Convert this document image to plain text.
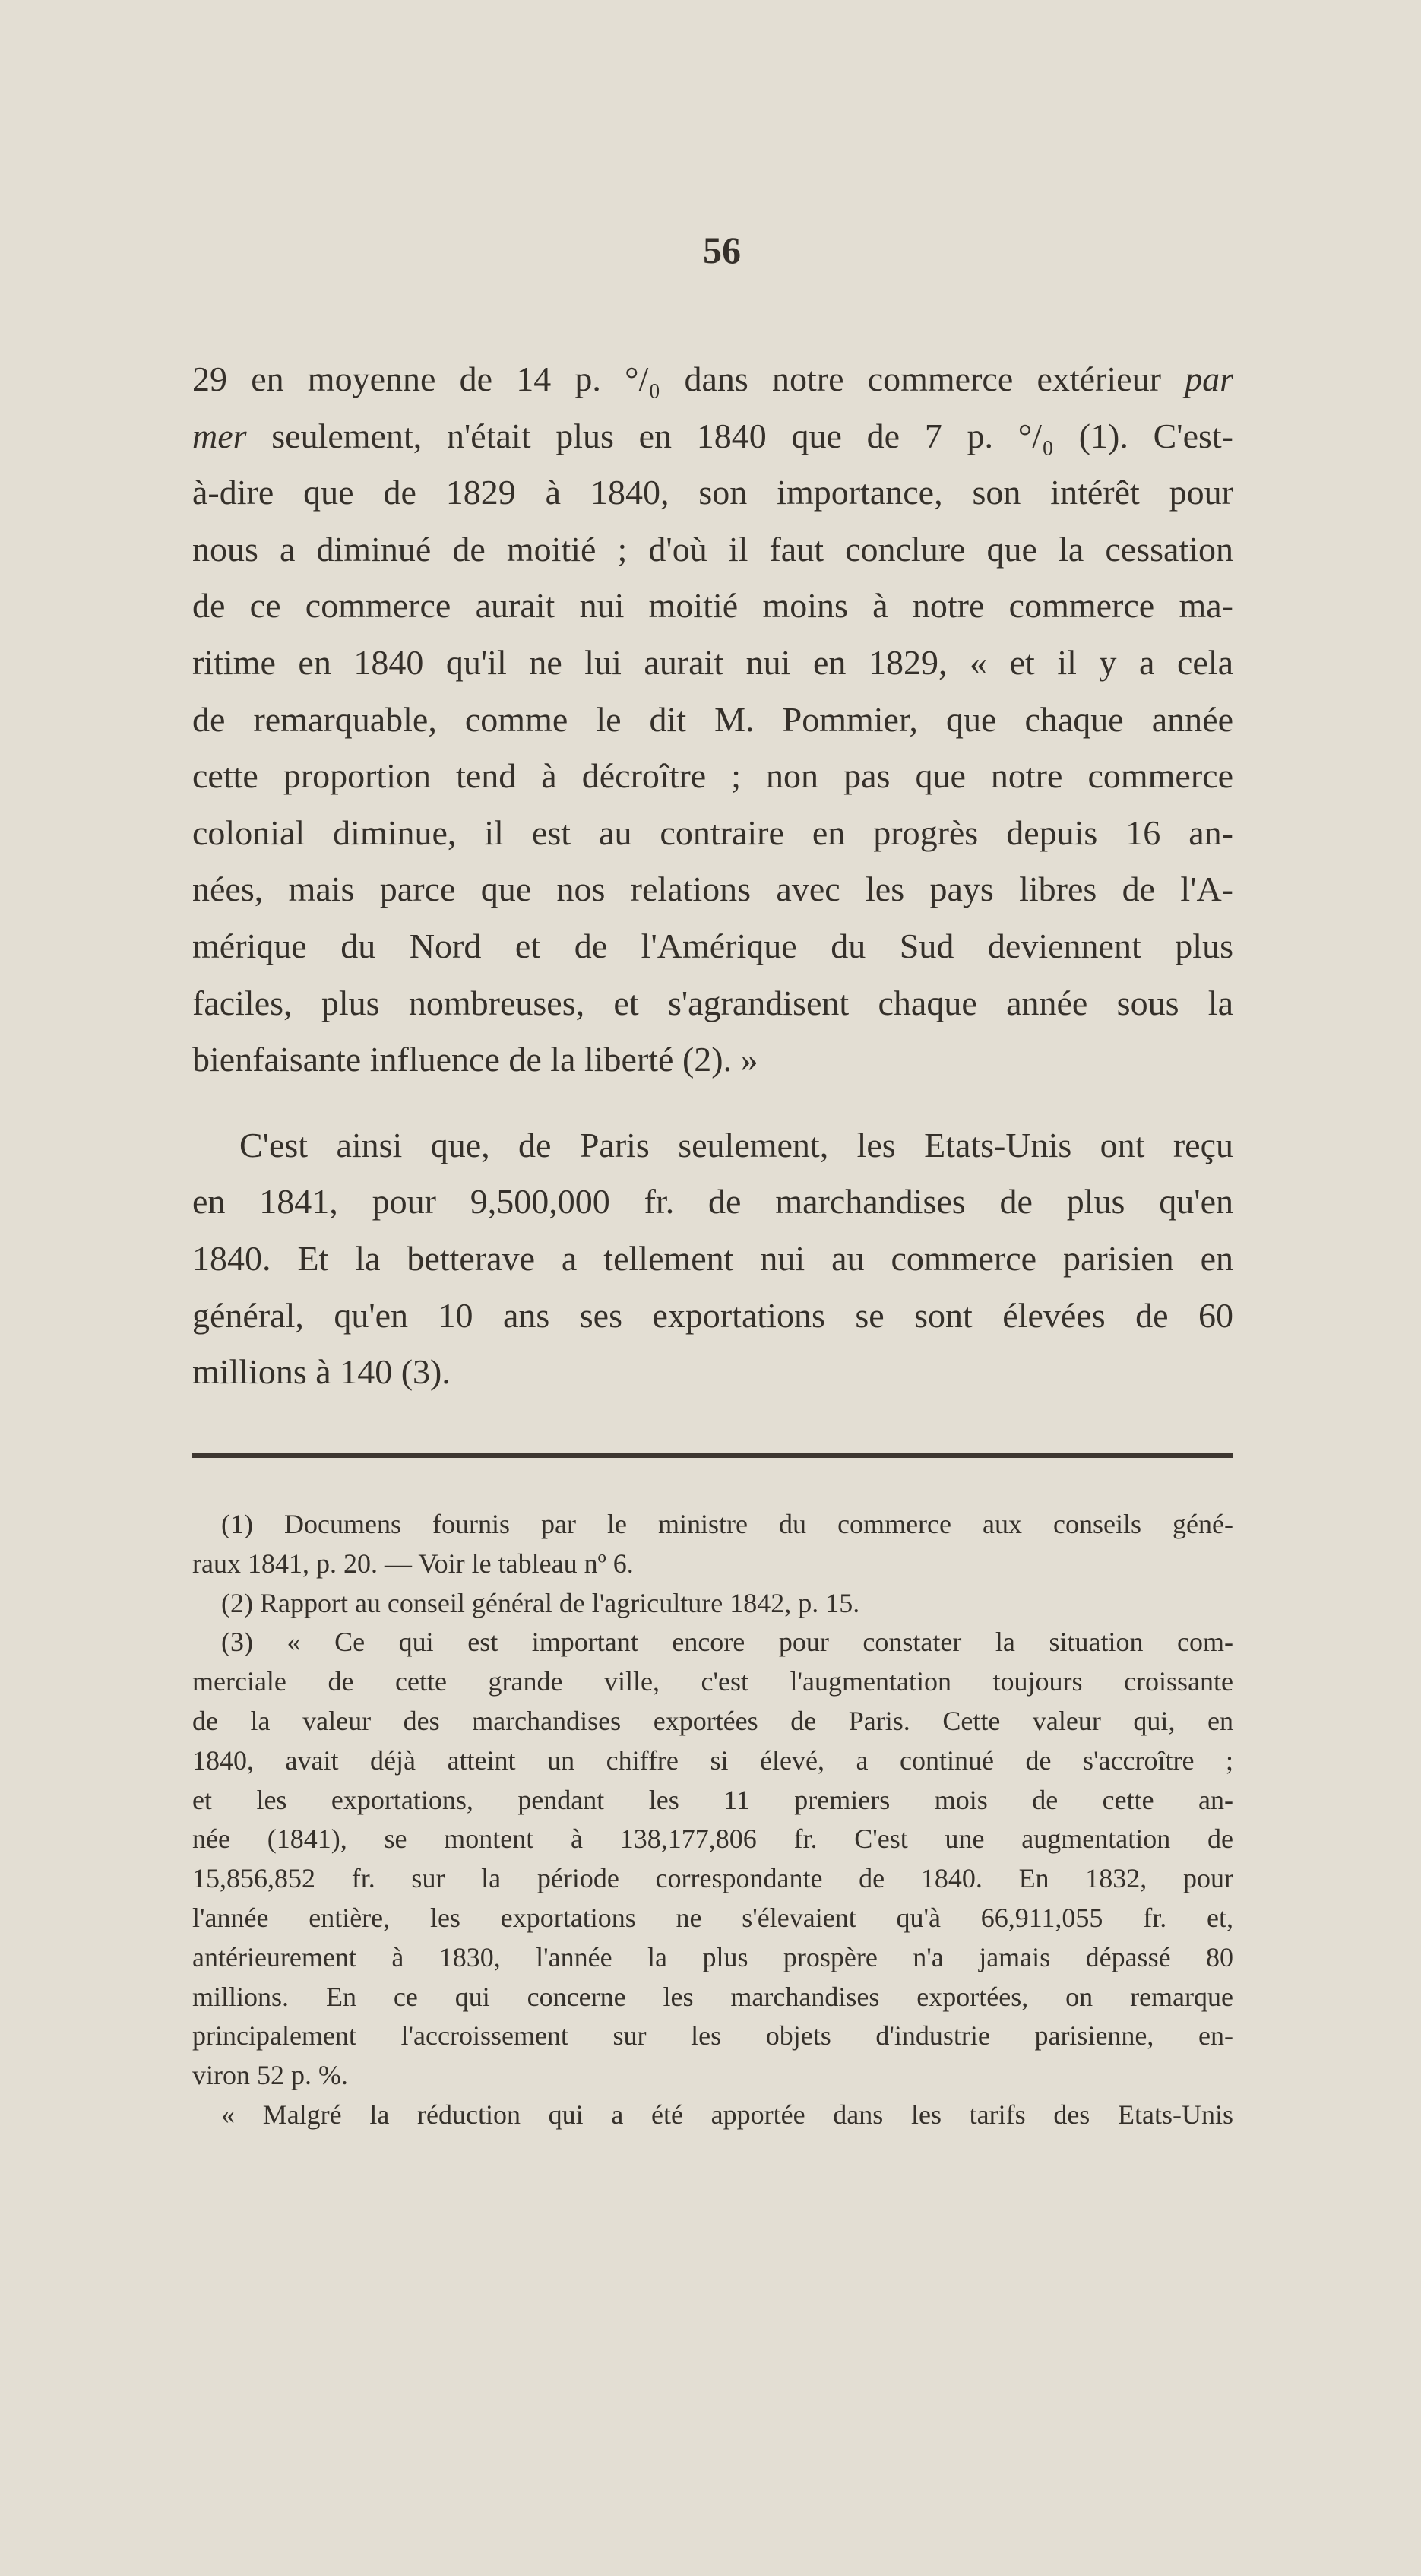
56
29 en moyenne de 14 p. °/₀ dans notre commerce extérieur par
mer seulement, n'était plus en 1840 que de 7 p. °/₀ (1). C'est-
à-dire que de 1829 à 1840, son importance, son intérêt pour
nous a diminué de moitié ; d'où il faut conclure que la cessation
de ce commerce aurait nui moitié moins à notre commerce ma-
ritime en 1840 qu'il ne lui aurait nui en 1829, « et il y a cela
de remarquable, comme le dit M. Pommier, que chaque année
cette proportion tend à décroître ; non pas que notre commerce
colonial diminue, il est au contraire en progrès depuis 16 an-
nées, mais parce que nos relations avec les pays libres de l'A-
mérique du Nord et de l'Amérique du Sud deviennent plus
faciles, plus nombreuses, et s'agrandisent chaque année sous la
bienfaisante influence de la liberté (2). »
C'est ainsi que, de Paris seulement, les Etats-Unis ont reçu
en 1841, pour 9,500,000 fr. de marchandises de plus qu'en
1840. Et la betterave a tellement nui au commerce parisien en
général, qu'en 10 ans ses exportations se sont élevées de 60
millions à 140 (3).
(1) Documens fournis par le ministre du commerce aux conseils géné-
raux 1841, p. 20. — Voir le tableau nº 6.
(2) Rapport au conseil général de l'agriculture 1842, p. 15.
(3) « Ce qui est important encore pour constater la situation com-
merciale de cette grande ville, c'est l'augmentation toujours croissante
de la valeur des marchandises exportées de Paris. Cette valeur qui, en
1840, avait déjà atteint un chiffre si élevé, a continué de s'accroître ;
et les exportations, pendant les 11 premiers mois de cette an-
née (1841), se montent à 138,177,806 fr. C'est une augmentation de
15,856,852 fr. sur la période correspondante de 1840. En 1832, pour
l'année entière, les exportations ne s'élevaient qu'à 66,911,055 fr. et,
antérieurement à 1830, l'année la plus prospère n'a jamais dépassé 80
millions. En ce qui concerne les marchandises exportées, on remarque
principalement l'accroissement sur les objets d'industrie parisienne, en-
viron 52 p. %.
« Malgré la réduction qui a été apportée dans les tarifs des Etats-Unis
